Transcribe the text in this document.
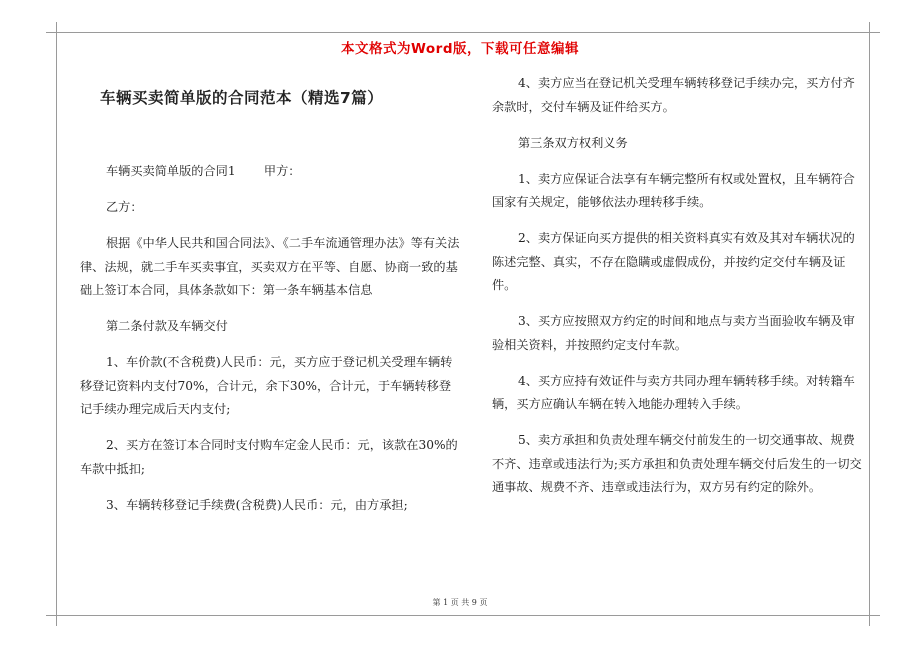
本文格式为Word版，下载可任意编辑
车辆买卖简单版的合同范本（精选7篇）

车辆买卖简单版的合同1　　 甲方：

乙方：

根据《中华人民共和国合同法》、《二手车流通管理办法》等有关法律、法规，就二手车买卖事宜，买卖双方在平等、自愿、协商一致的基础上签订本合同，具体条款如下：第一条车辆基本信息

第二条付款及车辆交付

1、车价款(不含税费)人民币：元，买方应于登记机关受理车辆转移登记资料内支付70%，合计元，余下30%，合计元，于车辆转移登记手续办理完成后天内支付;

2、买方在签订本合同时支付购车定金人民币：元，该款在30%的车款中抵扣;

3、车辆转移登记手续费(含税费)人民币：元，由方承担;

4、卖方应当在登记机关受理车辆转移登记手续办完，买方付齐余款时，交付车辆及证件给买方。

第三条双方权利义务

1、卖方应保证合法享有车辆完整所有权或处置权，且车辆符合国家有关规定，能够依法办理转移手续。

2、卖方保证向买方提供的相关资料真实有效及其对车辆状况的陈述完整、真实，不存在隐瞒或虚假成份，并按约定交付车辆及证件。

3、买方应按照双方约定的时间和地点与卖方当面验收车辆及审验相关资料，并按照约定支付车款。

4、买方应持有效证件与卖方共同办理车辆转移手续。对转籍车辆，买方应确认车辆在转入地能办理转入手续。

5、卖方承担和负责处理车辆交付前发生的一切交通事故、规费不齐、违章或违法行为;买方承担和负责处理车辆交付后发生的一切交通事故、规费不齐、违章或违法行为，双方另有约定的除外。

第 1 页 共 9 页
